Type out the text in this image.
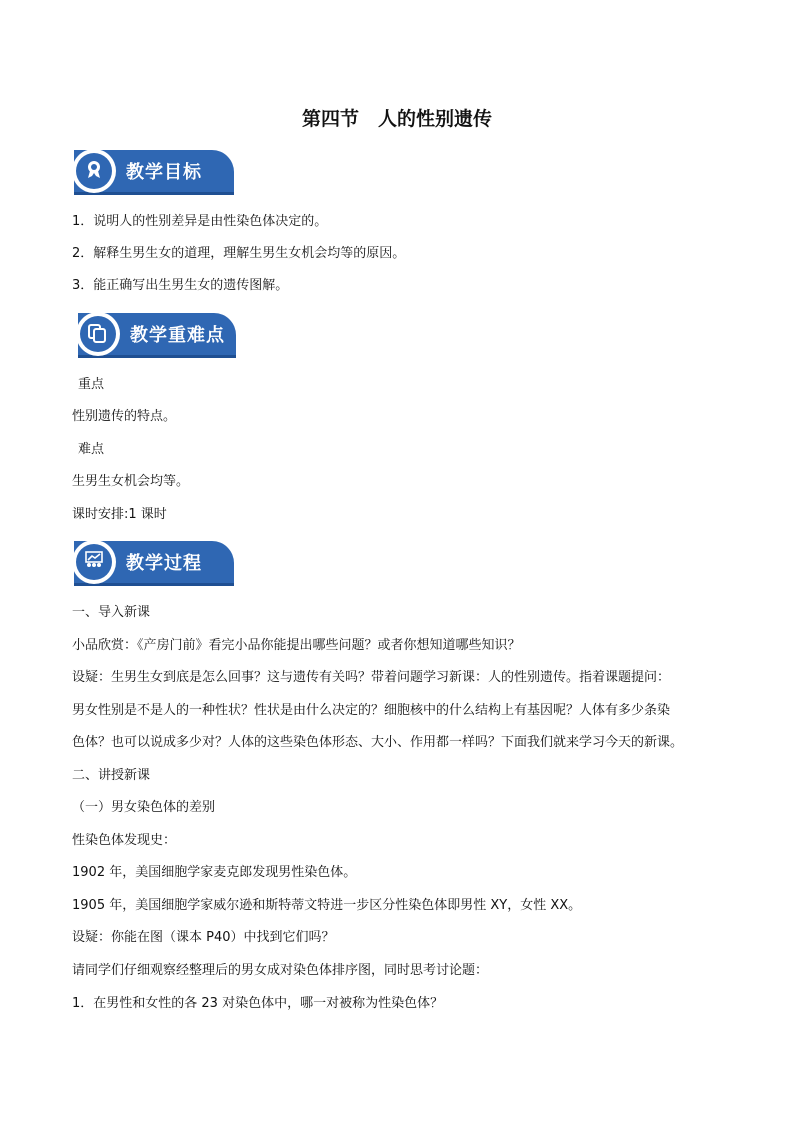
第四节　人的性别遗传
教学目标
1．说明人的性别差异是由性染色体决定的。
2．解释生男生女的道理，理解生男生女机会均等的原因。
3．能正确写出生男生女的遗传图解。
教学重难点
重点
性别遗传的特点。
难点
生男生女机会均等。
课时安排:1 课时
教学过程
一、导入新课
小品欣赏：《产房门前》看完小品你能提出哪些问题？或者你想知道哪些知识？
设疑：生男生女到底是怎么回事？这与遗传有关吗？带着问题学习新课：人的性别遗传。指着课题提问：
男女性别是不是人的一种性状？性状是由什么决定的？细胞核中的什么结构上有基因呢？人体有多少条染
色体？也可以说成多少对？人体的这些染色体形态、大小、作用都一样吗？下面我们就来学习今天的新课。
二、讲授新课
（一）男女染色体的差别
性染色体发现史：
1902 年，美国细胞学家麦克郎发现男性染色体。
1905 年，美国细胞学家威尔逊和斯特蒂文特进一步区分性染色体即男性 XY，女性 XX。
设疑：你能在图（课本 P40）中找到它们吗？
请同学们仔细观察经整理后的男女成对染色体排序图，同时思考讨论题：
1．在男性和女性的各 23 对染色体中，哪一对被称为性染色体？
